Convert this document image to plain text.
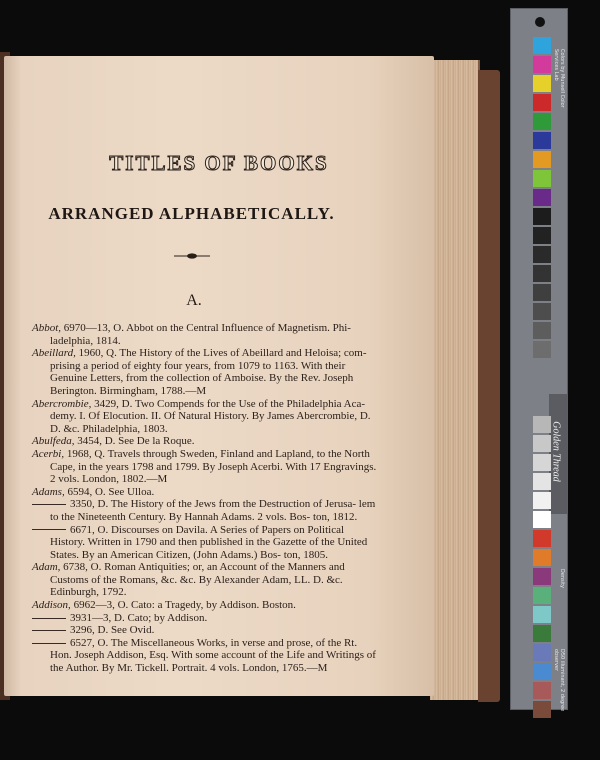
TITLES OF BOOKS
ARRANGED ALPHABETICALLY.
A.

Abbot, 6970—13, O. Abbot on the Central Influence of Magnetism. Phi- ladelphia, 1814.

Abeillard, 1960, Q. The History of the Lives of Abeillard and Heloisa; com- prising a period of eighty four years, from 1079 to 1163. With their Genuine Letters, from the collection of Amboise. By the Rev. Joseph Berington. Birmingham, 1788.—M

Abercrombie, 3429, D. Two Compends for the Use of the Philadelphia Aca- demy. I. Of Elocution. II. Of Natural History. By James Abercrombie, D. D. &c. Philadelphia, 1803.

Abulfeda, 3454, D. See De la Roque.

Acerbi, 1968, Q. Travels through Sweden, Finland and Lapland, to the North Cape, in the years 1798 and 1799. By Joseph Acerbi. With 17 Engravings. 2 vols. London, 1802.—M

Adams, 6594, O. See Ulloa.

3350, D. The History of the Jews from the Destruction of Jerusa- lem to the Nineteenth Century. By Hannah Adams. 2 vols. Bos- ton, 1812.

6671, O. Discourses on Davila. A Series of Papers on Political History. Written in 1790 and then published in the Gazette of the United States. By an American Citizen, (John Adams.) Bos- ton, 1805.

Adam, 6738, O. Roman Antiquities; or, an Account of the Manners and Customs of the Romans, &c. &c. By Alexander Adam, LL. D. &c. Edinburgh, 1792.

Addison, 6962—3, O. Cato: a Tragedy, by Addison. Boston.

3931—3, D. Cato; by Addison.

3296, D. See Ovid.

6527, O. The Miscellaneous Works, in verse and prose, of the Rt. Hon. Joseph Addison, Esq. With some account of the Life and Writings of the Author. By Mr. Tickell. Portrait. 4 vols. London, 1765.—M

Golden Thread
Colors by Munsell Color Services Lab
Density
D50 illuminant, 2 degree observer
